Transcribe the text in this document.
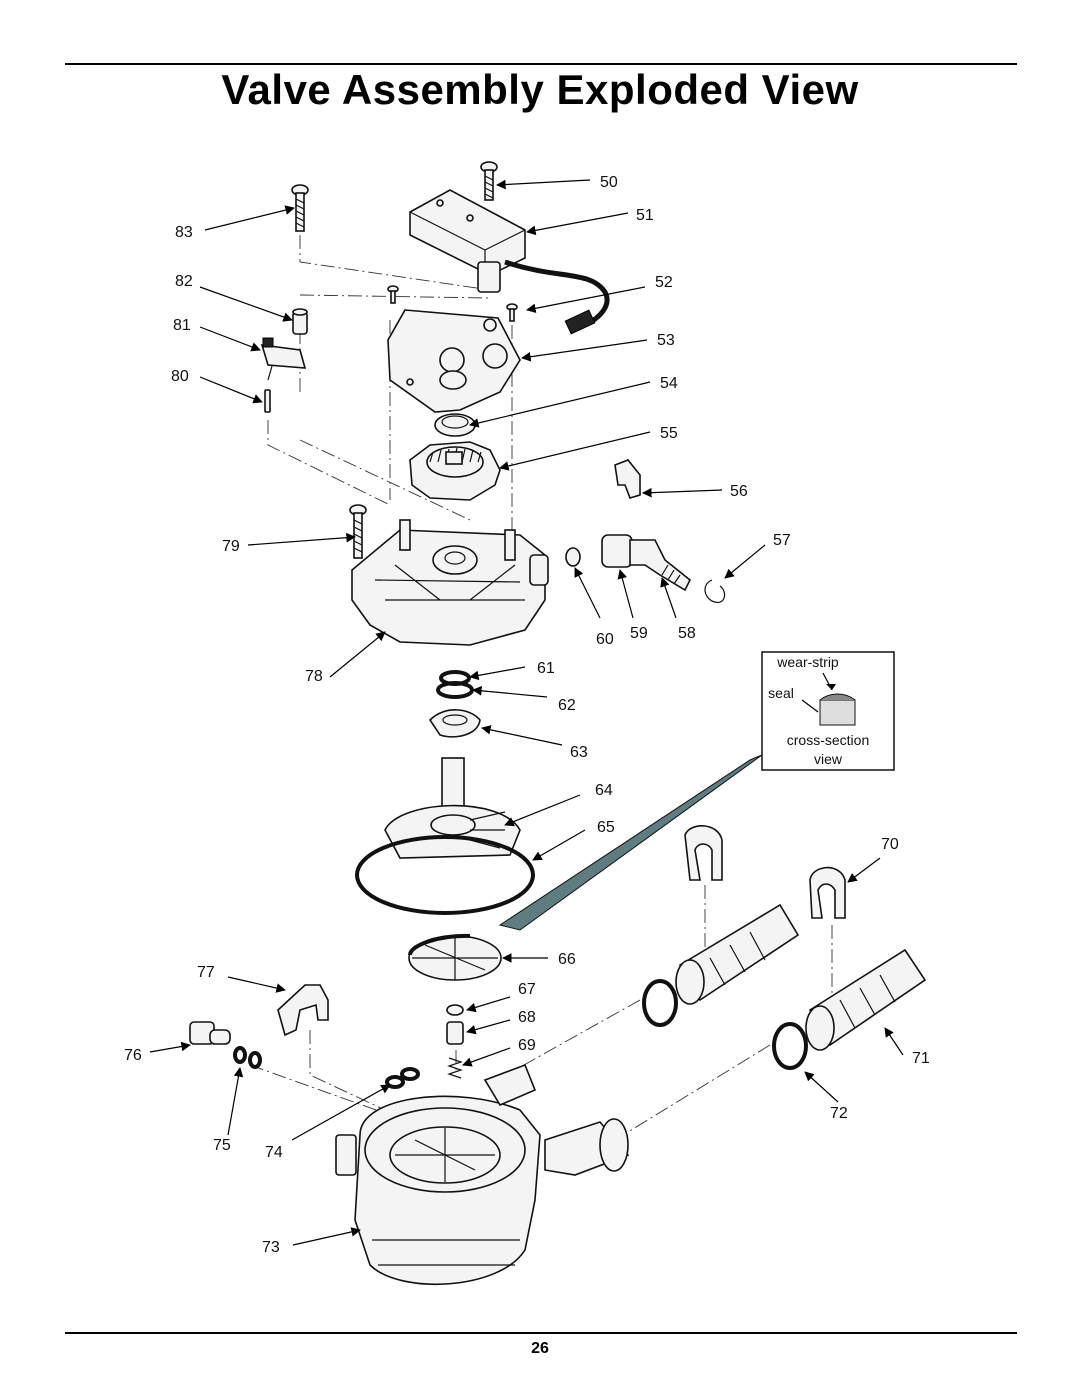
Valve Assembly Exploded View
wear-strip
seal
cross-section
view
50
51
52
53
54
55
56
57
58
59
60
61
62
63
64
65
66
67
68
69
70
71
72
73
74
75
76
77
78
79
80
81
82
83
26
